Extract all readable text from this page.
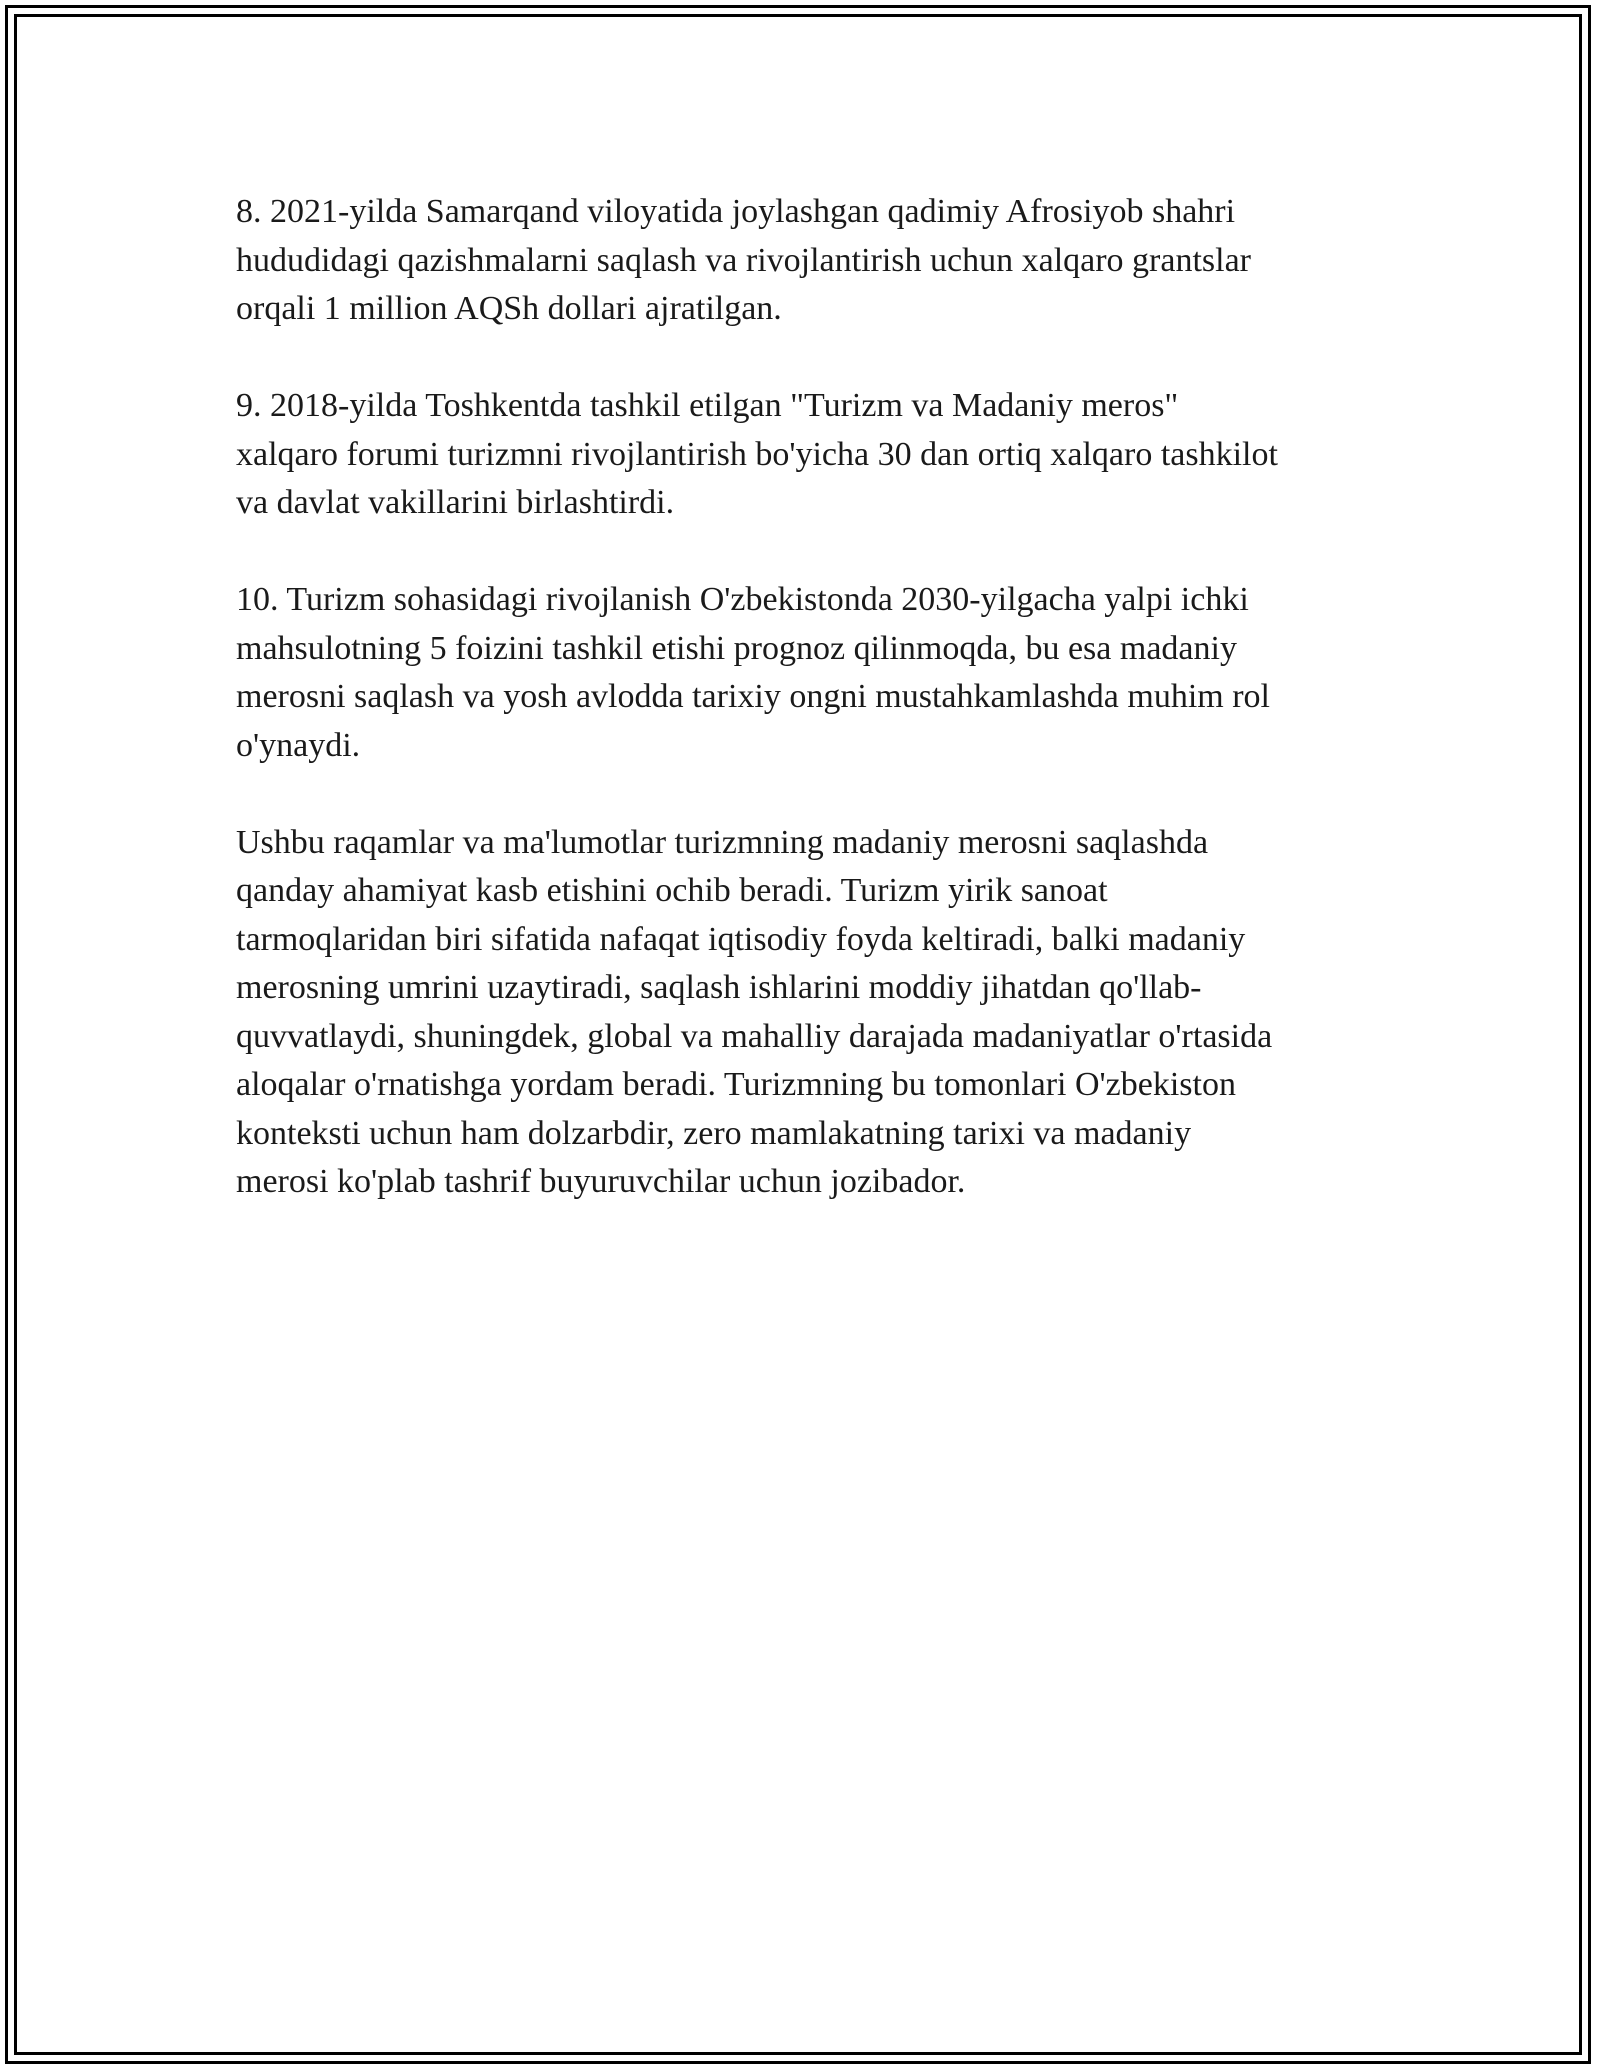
8. 2021-yilda Samarqand viloyatida joylashgan qadimiy Afrosiyob shahri
hududidagi qazishmalarni saqlash va rivojlantirish uchun xalqaro grantslar
orqali 1 million AQSh dollari ajratilgan.

9. 2018-yilda Toshkentda tashkil etilgan "Turizm va Madaniy meros"
xalqaro forumi turizmni rivojlantirish bo'yicha 30 dan ortiq xalqaro tashkilot
va davlat vakillarini birlashtirdi.

10. Turizm sohasidagi rivojlanish O'zbekistonda 2030-yilgacha yalpi ichki
mahsulotning 5 foizini tashkil etishi prognoz qilinmoqda, bu esa madaniy
merosni saqlash va yosh avlodda tarixiy ongni mustahkamlashda muhim rol
o'ynaydi.

Ushbu raqamlar va ma'lumotlar turizmning madaniy merosni saqlashda
qanday ahamiyat kasb etishini ochib beradi. Turizm yirik sanoat
tarmoqlaridan biri sifatida nafaqat iqtisodiy foyda keltiradi, balki madaniy
merosning umrini uzaytiradi, saqlash ishlarini moddiy jihatdan qo'llab-
quvvatlaydi, shuningdek, global va mahalliy darajada madaniyatlar o'rtasida
aloqalar o'rnatishga yordam beradi. Turizmning bu tomonlari O'zbekiston
konteksti uchun ham dolzarbdir, zero mamlakatning tarixi va madaniy
merosi ko'plab tashrif buyuruvchilar uchun jozibador.
